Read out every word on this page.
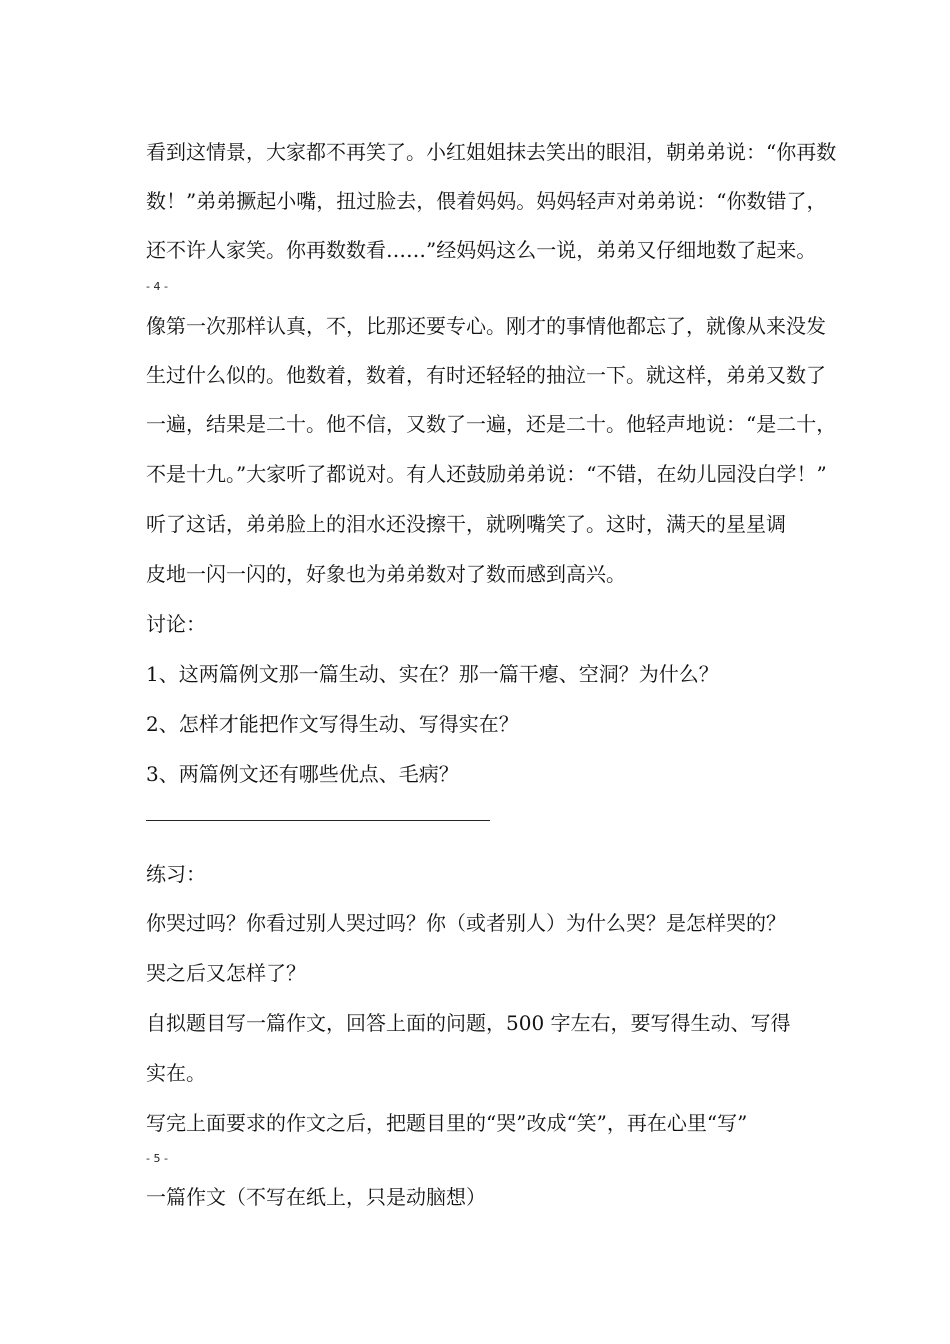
看到这情景，大家都不再笑了。小红姐姐抹去笑出的眼泪，朝弟弟说：“你再数
数！”弟弟撅起小嘴，扭过脸去，偎着妈妈。妈妈轻声对弟弟说：“你数错了，
还不许人家笑。你再数数看……”经妈妈这么一说，弟弟又仔细地数了起来。
- 4 -
像第一次那样认真，不，比那还要专心。刚才的事情他都忘了，就像从来没发
生过什么似的。他数着，数着，有时还轻轻的抽泣一下。就这样，弟弟又数了
一遍，结果是二十。他不信，又数了一遍，还是二十。他轻声地说：“是二十，
不是十九。”大家听了都说对。有人还鼓励弟弟说：“不错，在幼儿园没白学！”
听了这话，弟弟脸上的泪水还没擦干，就咧嘴笑了。这时，满天的星星调
皮地一闪一闪的，好象也为弟弟数对了数而感到高兴。
讨论：
1、这两篇例文那一篇生动、实在？那一篇干瘪、空洞？为什么？
2、怎样才能把作文写得生动、写得实在？
3、两篇例文还有哪些优点、毛病？
练习：
你哭过吗？你看过别人哭过吗？你（或者别人）为什么哭？是怎样哭的？
哭之后又怎样了？
自拟题目写一篇作文，回答上面的问题，500 字左右，要写得生动、写得
实在。
写完上面要求的作文之后，把题目里的“哭”改成“笑”，再在心里“写”
- 5 -
一篇作文（不写在纸上，只是动脑想）
